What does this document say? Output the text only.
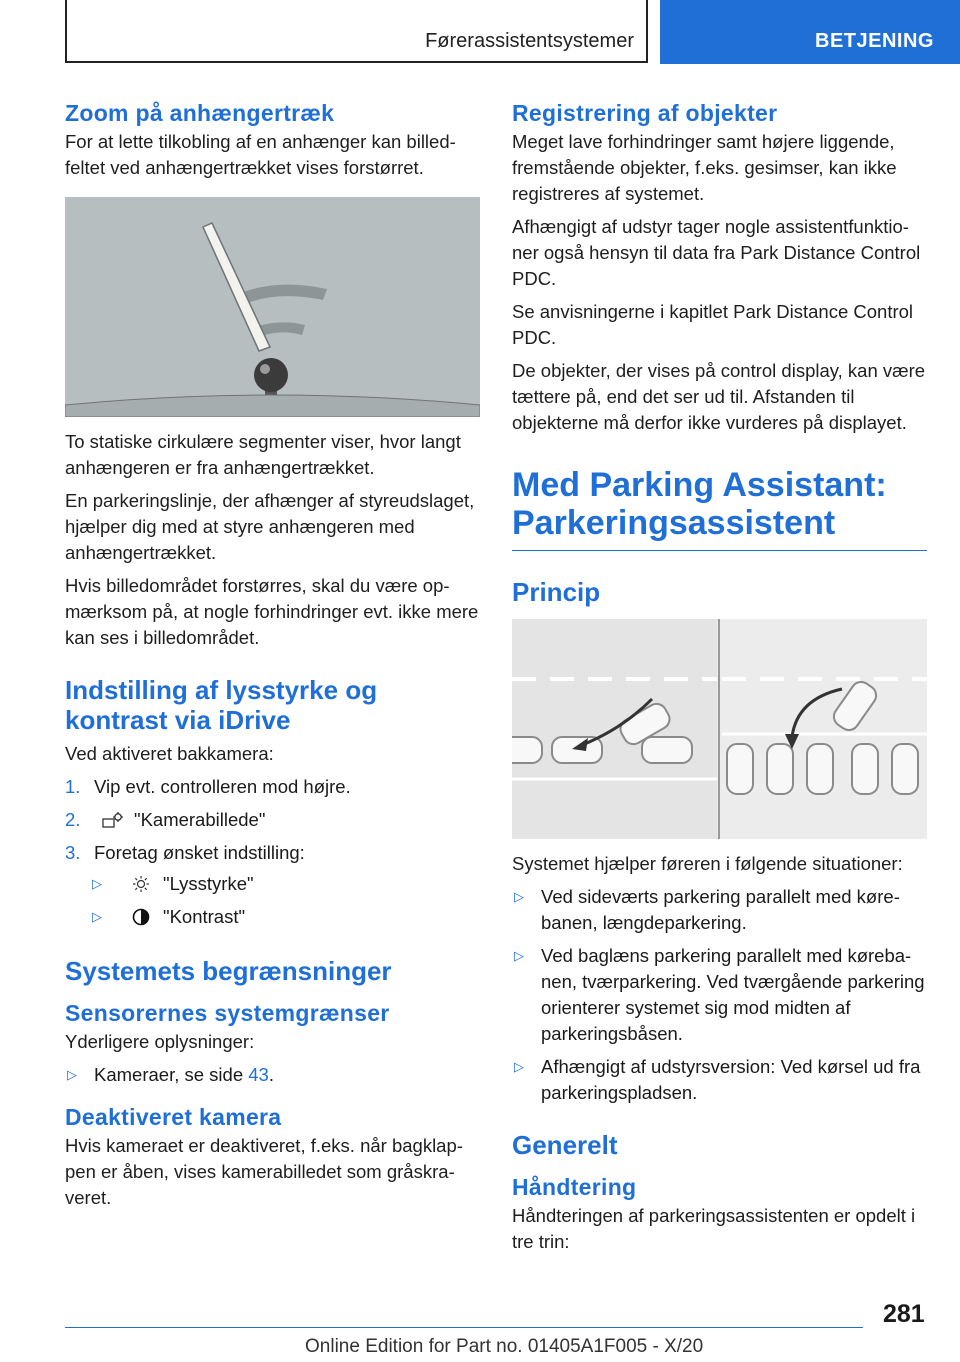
Førerassistentsystemer	BETJENING
Zoom på anhængertræk

For at lette tilkobling af en anhænger kan billedfeltet ved anhængertrækket vises forstørret.

To statiske cirkulære segmenter viser, hvor langt anhængeren er fra anhængertrækket.

En parkeringslinje, der afhænger af styreudslaget, hjælper dig med at styre anhængeren med anhængertrækket.

Hvis billedområdet forstørres, skal du være opmærksom på, at nogle forhindringer evt. ikke mere kan ses i billedområdet.

Indstilling af lysstyrke og kontrast via iDrive

Ved aktiveret bakkamera:

1. Vip evt. controlleren mod højre.
2.	"Kamerabillede"
3. Foretag ønsket indstilling:
▷	"Lysstyrke"
▷	"Kontrast"
Systemets begrænsninger
Sensorernes systemgrænser

Yderligere oplysninger:

▷ Kameraer, se side 43.
Deaktiveret kamera

Hvis kameraet er deaktiveret, f.eks. når bagklappen er åben, vises kamerabilledet som gråskraveret.

Registrering af objekter

Meget lave forhindringer samt højere liggende, fremstående objekter, f.eks. gesimser, kan ikke registreres af systemet.

Afhængigt af udstyr tager nogle assistentfunktioner også hensyn til data fra Park Distance Control PDC.

Se anvisningerne i kapitlet Park Distance Control PDC.

De objekter, der vises på control display, kan være tættere på, end det ser ud til. Afstanden til objekterne må derfor ikke vurderes på displayet.

Med Parking Assistant: Parkeringsassistent
Princip

Systemet hjælper føreren i følgende situationer:

▷ Ved sideværts parkering parallelt med kørebanen, længdeparkering.
▷ Ved baglæns parkering parallelt med kørebanen, tværparkering. Ved tværgående parkering orienterer systemet sig mod midten af parkeringsbåsen.
▷ Afhængigt af udstyrsversion: Ved kørsel ud fra parkeringspladsen.
Generelt
Håndtering

Håndteringen af parkeringsassistenten er opdelt i tre trin:

281
Online Edition for Part no. 01405A1F005 - X/20
